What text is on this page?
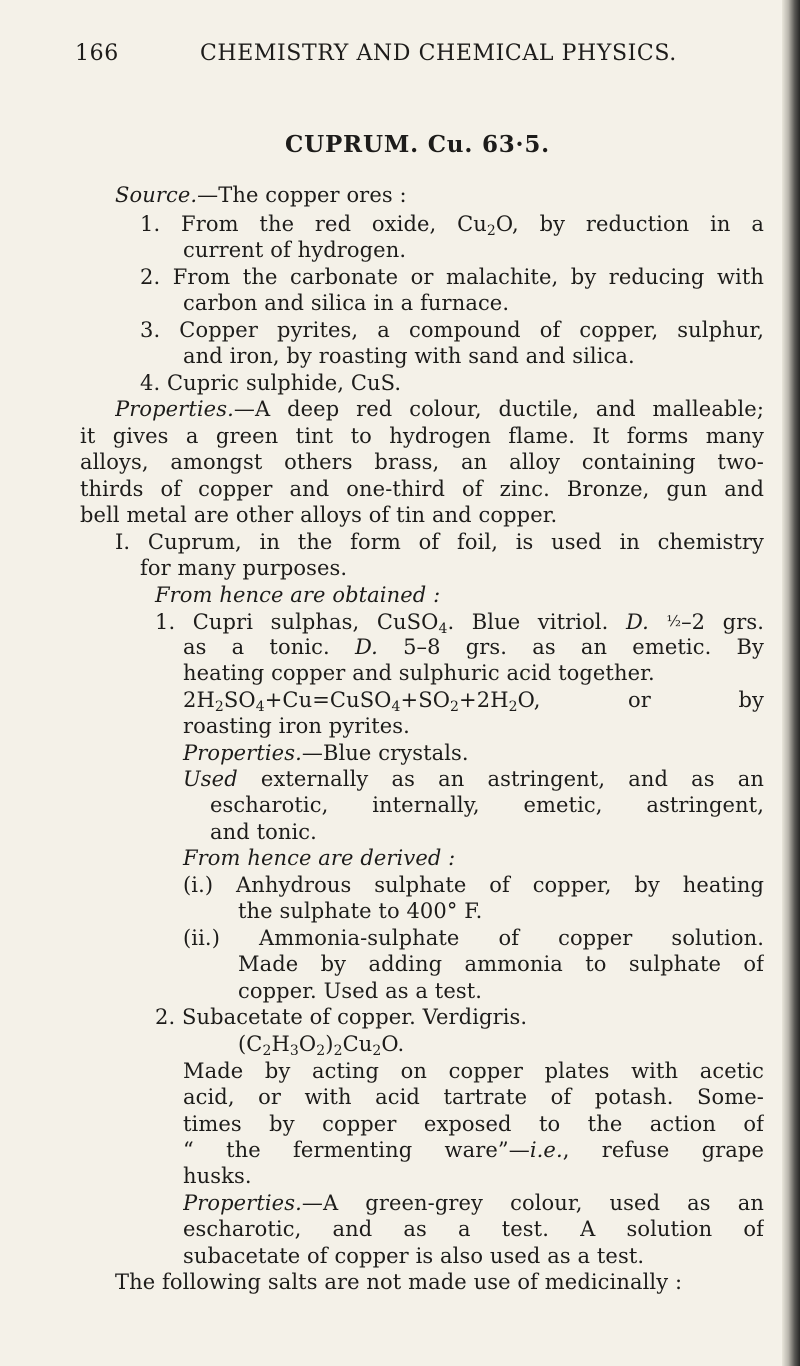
166	CHEMISTRY AND CHEMICAL PHYSICS.
CUPRUM. Cu. 63·5.
Source.—The copper ores :
1. From the red oxide, $Cu_2O$, by reduction in a
current of hydrogen.
2. From the carbonate or malachite, by reducing with
carbon and silica in a furnace.
3. Copper pyrites, a compound of copper, sulphur,
and iron, by roasting with sand and silica.
4. Cupric sulphide, CuS.
Properties.—A deep red colour, ductile, and malleable;
it gives a green tint to hydrogen flame. It forms many
alloys, amongst others brass, an alloy containing two-
thirds of copper and one-third of zinc. Bronze, gun and
bell metal are other alloys of tin and copper.
I. Cuprum, in the form of foil, is used in chemistry
for many purposes.
From hence are obtained :
1. Cupri sulphas, CuSO$_4$. Blue vitriol. D. ½–2 grs.
as a tonic. D. 5–8 grs. as an emetic. By
heating copper and sulphuric acid together.
$2H_2SO_4+Cu=CuSO_4+SO_2+2H_2O$, or by
roasting iron pyrites.
Properties.—Blue crystals.
Used externally as an astringent, and as an
escharotic, internally, emetic, astringent,
and tonic.
From hence are derived :
(i.) Anhydrous sulphate of copper, by heating
the sulphate to 400° F.
(ii.) Ammonia-sulphate of copper solution.
Made by adding ammonia to sulphate of
copper. Used as a test.
2. Subacetate of copper. Verdigris.
$(C_2H_3O_2)_2Cu_2O$.
Made by acting on copper plates with acetic
acid, or with acid tartrate of potash. Some-
times by copper exposed to the action of
“ the fermenting ware”—i.e., refuse grape
husks.
Properties.—A green-grey colour, used as an
escharotic, and as a test. A solution of
subacetate of copper is also used as a test.
The following salts are not made use of medicinally :
